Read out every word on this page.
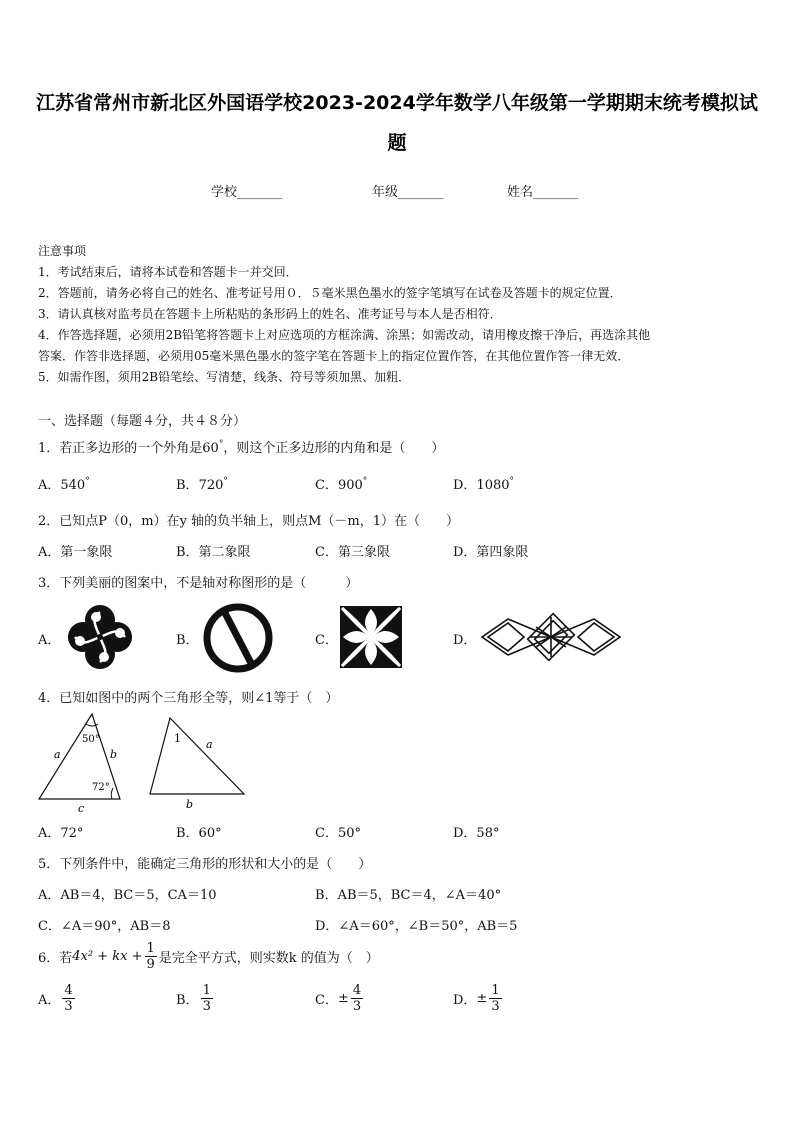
江苏省常州市新北区外国语学校2023-2024学年数学八年级第一学期期末统考模拟试
题
学校_______	年级_______	姓名_______
注意事项
1．考试结束后，请将本试卷和答题卡一并交回．
2．答题前，请务必将自己的姓名、准考证号用０．５毫米黑色墨水的签字笔填写在试卷及答题卡的规定位置．
3．请认真核对监考员在答题卡上所粘贴的条形码上的姓名、准考证号与本人是否相符．
4．作答选择题，必须用2B铅笔将答题卡上对应选项的方框涂满、涂黑；如需改动，请用橡皮擦干净后，再选涂其他
答案．作答非选择题，必须用05毫米黑色墨水的签字笔在答题卡上的指定位置作答，在其他位置作答一律无效．
5．如需作图，须用2B铅笔绘、写清楚，线条、符号等须加黑、加粗．
一、选择题（每题４分，共４８分）
1．若正多边形的一个外角是60°，则这个正多边形的内角和是（　　）
A．540°	B．720°	C．900°	D．1080°
2．已知点P（0，m）在y 轴的负半轴上，则点M（－m，1）在（　　）
A．第一象限	B．第二象限	C．第三象限	D．第四象限
3．下列美丽的图案中，不是轴对称图形的是（　　　）
A．	B．	C．	D．
4．已知如图中的两个三角形全等，则∠1等于（　）
50°
72°
a	b
c
1 a
b
A．72°	B．60°	C．50°	D．58°
5．下列条件中，能确定三角形的形状和大小的是（　　）
A．AB＝4，BC＝5，CA＝10	B．AB＝5，BC＝4，∠A＝40°
C．∠A＝90°，AB＝8	D．∠A＝60°，∠B＝50°，AB＝5
6．若 4x² + kx + $\frac{1}{9}$ 是完全平方式，则实数k 的值为（　）
A． $\frac{4}{3}$	B． $\frac{1}{3}$	C． ± $\frac{4}{3}$	D． ± $\frac{1}{3}$
